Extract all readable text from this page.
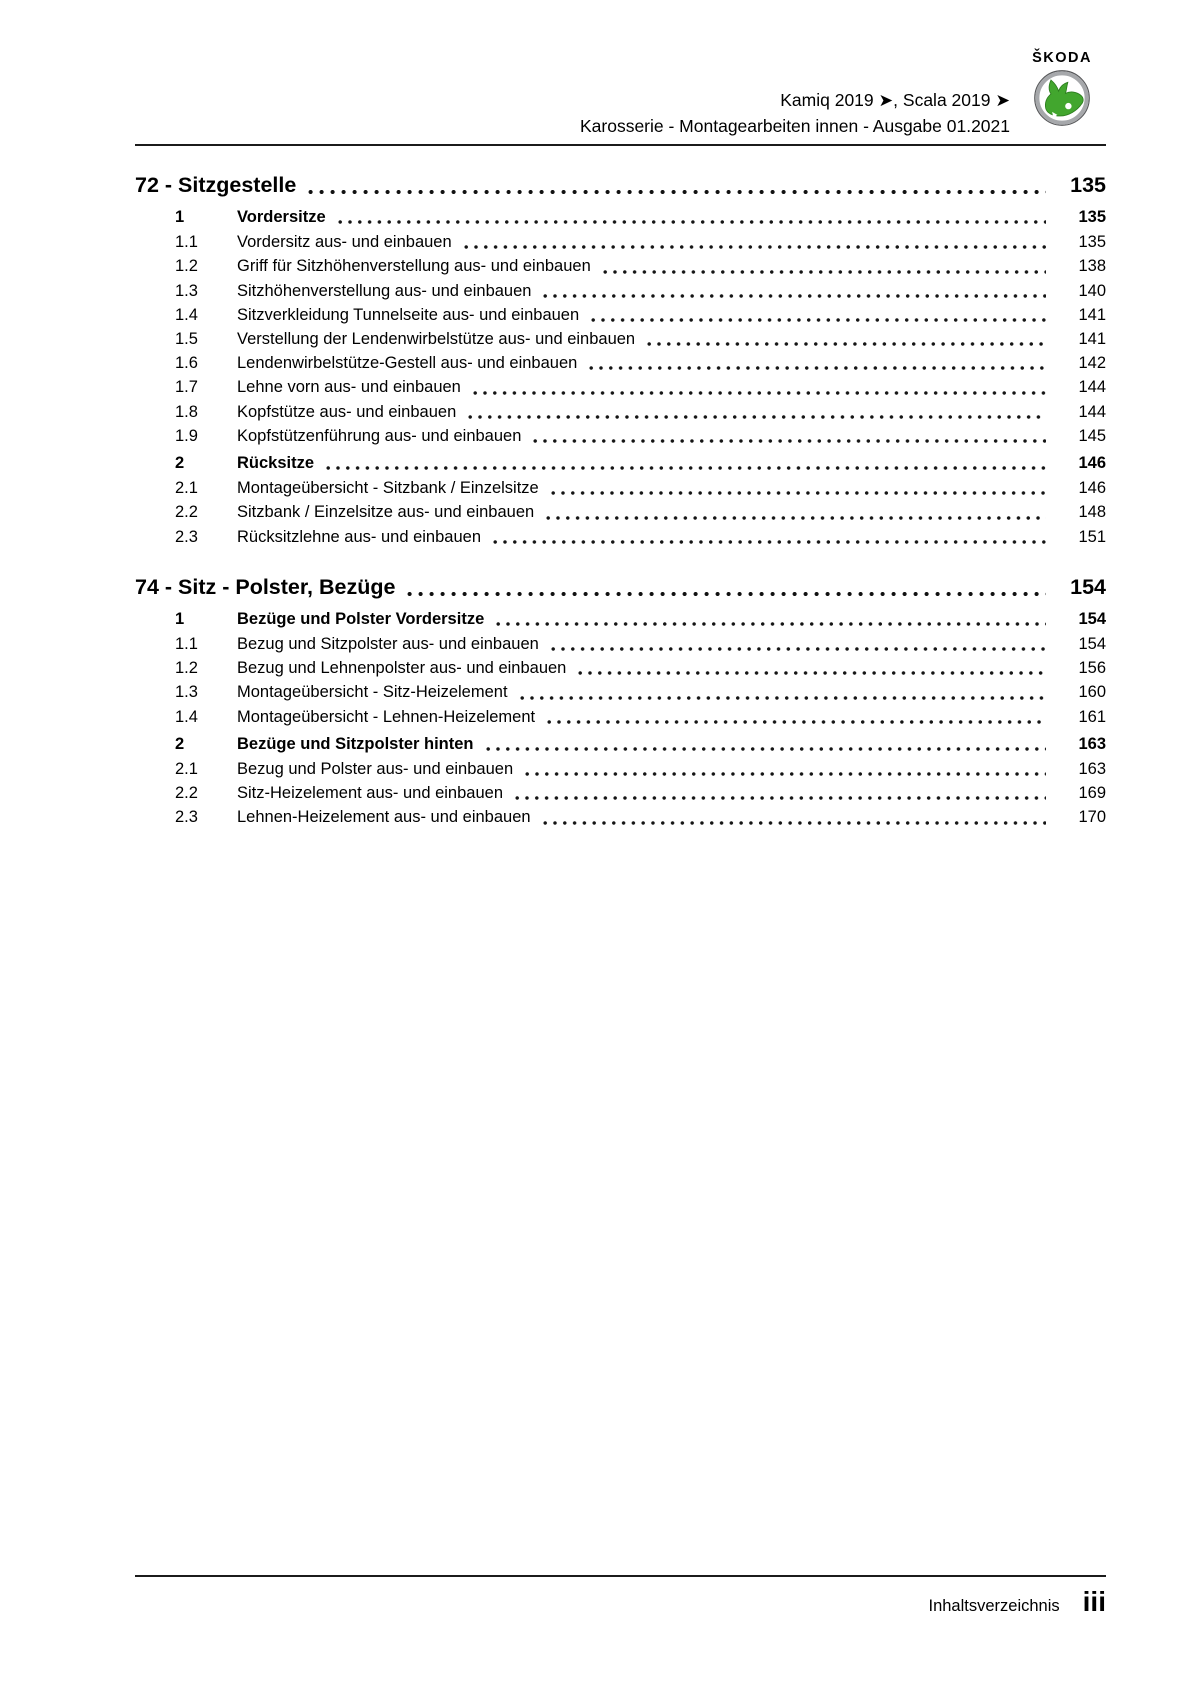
Kamiq 2019 ➤, Scala 2019 ➤
Karosserie - Montagearbeiten innen - Ausgabe 01.2021
ŠKODA
72 - Sitzgestelle	135
1	Vordersitze	135
1.1	Vordersitz aus- und einbauen	135
1.2	Griff für Sitzhöhenverstellung aus- und einbauen	138
1.3	Sitzhöhenverstellung aus- und einbauen	140
1.4	Sitzverkleidung Tunnelseite aus- und einbauen	141
1.5	Verstellung der Lendenwirbelstütze aus- und einbauen	141
1.6	Lendenwirbelstütze-Gestell aus- und einbauen	142
1.7	Lehne vorn aus- und einbauen	144
1.8	Kopfstütze aus- und einbauen	144
1.9	Kopfstützenführung aus- und einbauen	145
2	Rücksitze	146
2.1	Montageübersicht - Sitzbank / Einzelsitze	146
2.2	Sitzbank / Einzelsitze aus- und einbauen	148
2.3	Rücksitzlehne aus- und einbauen	151
74 - Sitz - Polster, Bezüge	154
1	Bezüge und Polster Vordersitze	154
1.1	Bezug und Sitzpolster aus- und einbauen	154
1.2	Bezug und Lehnenpolster aus- und einbauen	156
1.3	Montageübersicht - Sitz-Heizelement	160
1.4	Montageübersicht - Lehnen-Heizelement	161
2	Bezüge und Sitzpolster hinten	163
2.1	Bezug und Polster aus- und einbauen	163
2.2	Sitz-Heizelement aus- und einbauen	169
2.3	Lehnen-Heizelement aus- und einbauen	170
Inhaltsverzeichnis iii
